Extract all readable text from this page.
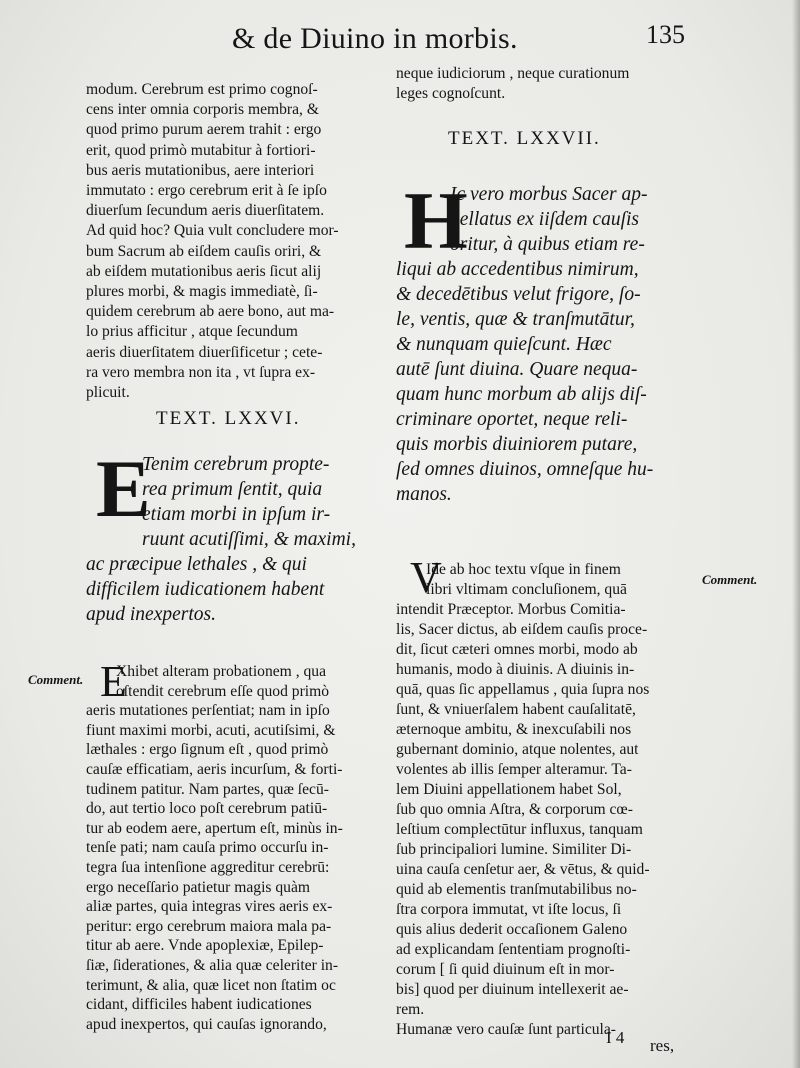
& de Diuino in morbis.	135
modum. Cerebrum est primo cognoſ-
cens inter omnia corporis membra, &
quod primo purum aerem trahit : ergo
erit, quod primò mutabitur à fortiori-
bus aeris mutationibus, aere interiori
immutato : ergo cerebrum erit à ſe ipſo
diuerſum ſecundum aeris diuerſitatem.
Ad quid hoc? Quia vult concludere mor-
bum Sacrum ab eiſdem cauſis oriri, &
ab eiſdem mutationibus aeris ſicut alij
plures morbi, & magis immediatè, ſi-
quidem cerebrum ab aere bono, aut ma-
lo prius afficitur , atque ſecundum
aeris diuerſitatem diuerſificetur ; cete-
ra vero membra non ita , vt ſupra ex-
plicuit.
TEXT. LXXVI.
E
Tenim cerebrum propte-
rea primum ſentit, quia
etiam morbi in ipſum ir-
ruunt acutiſſimi, & maximi,
ac præcipue lethales , & qui
difficilem iudicationem habent
apud inexpertos.
Comment. E
Xhibet alteram probationem , qua
oſtendit cerebrum eſſe quod primò
aeris mutationes perſentiat; nam in ipſo
fiunt maximi morbi, acuti, acutiſsimi, &
læthales : ergo ſignum eſt , quod primò
cauſæ efficatiam, aeris incurſum, & forti-
tudinem patitur. Nam partes, quæ ſecū-
do, aut tertio loco poſt cerebrum patiū-
tur ab eodem aere, apertum eſt, minùs in-
tenſe pati; nam cauſa primo occurſu in-
tegra ſua intenſione aggreditur cerebrū:
ergo neceſſario patietur magis quàm
aliæ partes, quia integras vires aeris ex-
peritur: ergo cerebrum maiora mala pa-
titur ab aere. Vnde apoplexiæ, Epilep-
ſiæ, ſiderationes, & alia quæ celeriter in-
terimunt, & alia, quæ licet non ſtatim oc
cidant, difficiles habent iudicationes
apud inexpertos, qui cauſas ignorando,
neque iudiciorum , neque curationum
leges cognoſcunt.
TEXT. LXXVII.
H
Ic vero morbus Sacer ap-
pellatus ex iiſdem cauſis
oritur, à quibus etiam re-
liqui ab accedentibus nimirum,
& decedētibus velut frigore, ſo-
le, ventis, quæ & tranſmutātur,
& nunquam quieſcunt. Hæc
autē ſunt diuina. Quare nequa-
quam hunc morbum ab alijs diſ-
criminare oportet, neque reli-
quis morbis diuiniorem putare,
ſed omnes diuinos, omneſque hu-
manos.
Comment.
V
Ide ab hoc textu vſque in finem
libri vltimam concluſionem, quā
intendit Præceptor. Morbus Comitia-
lis, Sacer dictus, ab eiſdem cauſis proce-
dit, ſicut cæteri omnes morbi, modo ab
humanis, modo à diuinis. A diuinis in-
quā, quas ſic appellamus , quia ſupra nos
ſunt, & vniuerſalem habent cauſalitatē,
æternoque ambitu, & inexcuſabili nos
gubernant dominio, atque nolentes, aut
volentes ab illis ſemper alteramur. Ta-
lem Diuini appellationem habet Sol,
ſub quo omnia Aſtra, & corporum cœ-
leſtium complectūtur influxus, tanquam
ſub principaliori lumine. Similiter Di-
uina cauſa cenſetur aer, & vētus, & quid-
quid ab elementis tranſmutabilibus no-
ſtra corpora immutat, vt iſte locus, ſi
quis alius dederit occaſionem Galeno
ad explicandam ſententiam prognoſti-
corum [ ſi quid diuinum eſt in mor-
bis] quod per diuinum intellexerit ae-
rem.
Humanæ vero cauſæ ſunt particula-
I 4 res,
